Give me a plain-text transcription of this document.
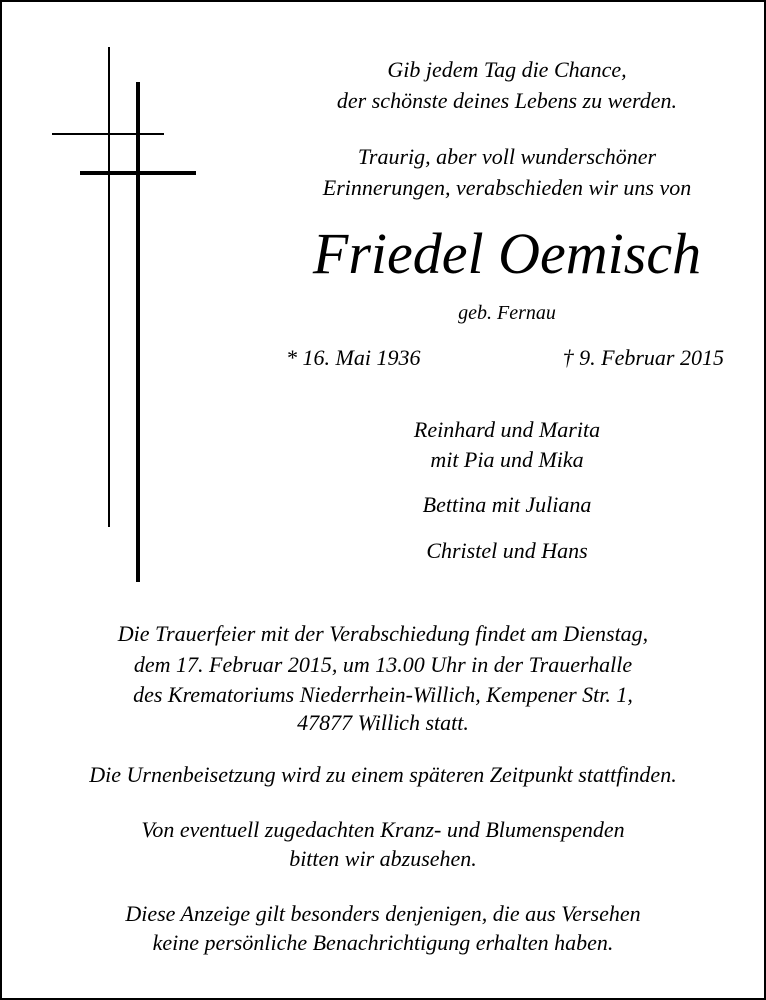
Gib jedem Tag die Chance,
der schönste deines Lebens zu werden.
Traurig, aber voll wunderschöner
Erinnerungen, verabschieden wir uns von
Friedel Oemisch
geb. Fernau
* 16. Mai 1936	† 9. Februar 2015
Reinhard und Marita
mit Pia und Mika
Bettina mit Juliana
Christel und Hans
Die Trauerfeier mit der Verabschiedung findet am Dienstag,
dem 17. Februar 2015, um 13.00 Uhr in der Trauerhalle
des Krematoriums Niederrhein-Willich, Kempener Str. 1,
47877 Willich statt.
Die Urnenbeisetzung wird zu einem späteren Zeitpunkt stattfinden.
Von eventuell zugedachten Kranz- und Blumenspenden
bitten wir abzusehen.
Diese Anzeige gilt besonders denjenigen, die aus Versehen
keine persönliche Benachrichtigung erhalten haben.
